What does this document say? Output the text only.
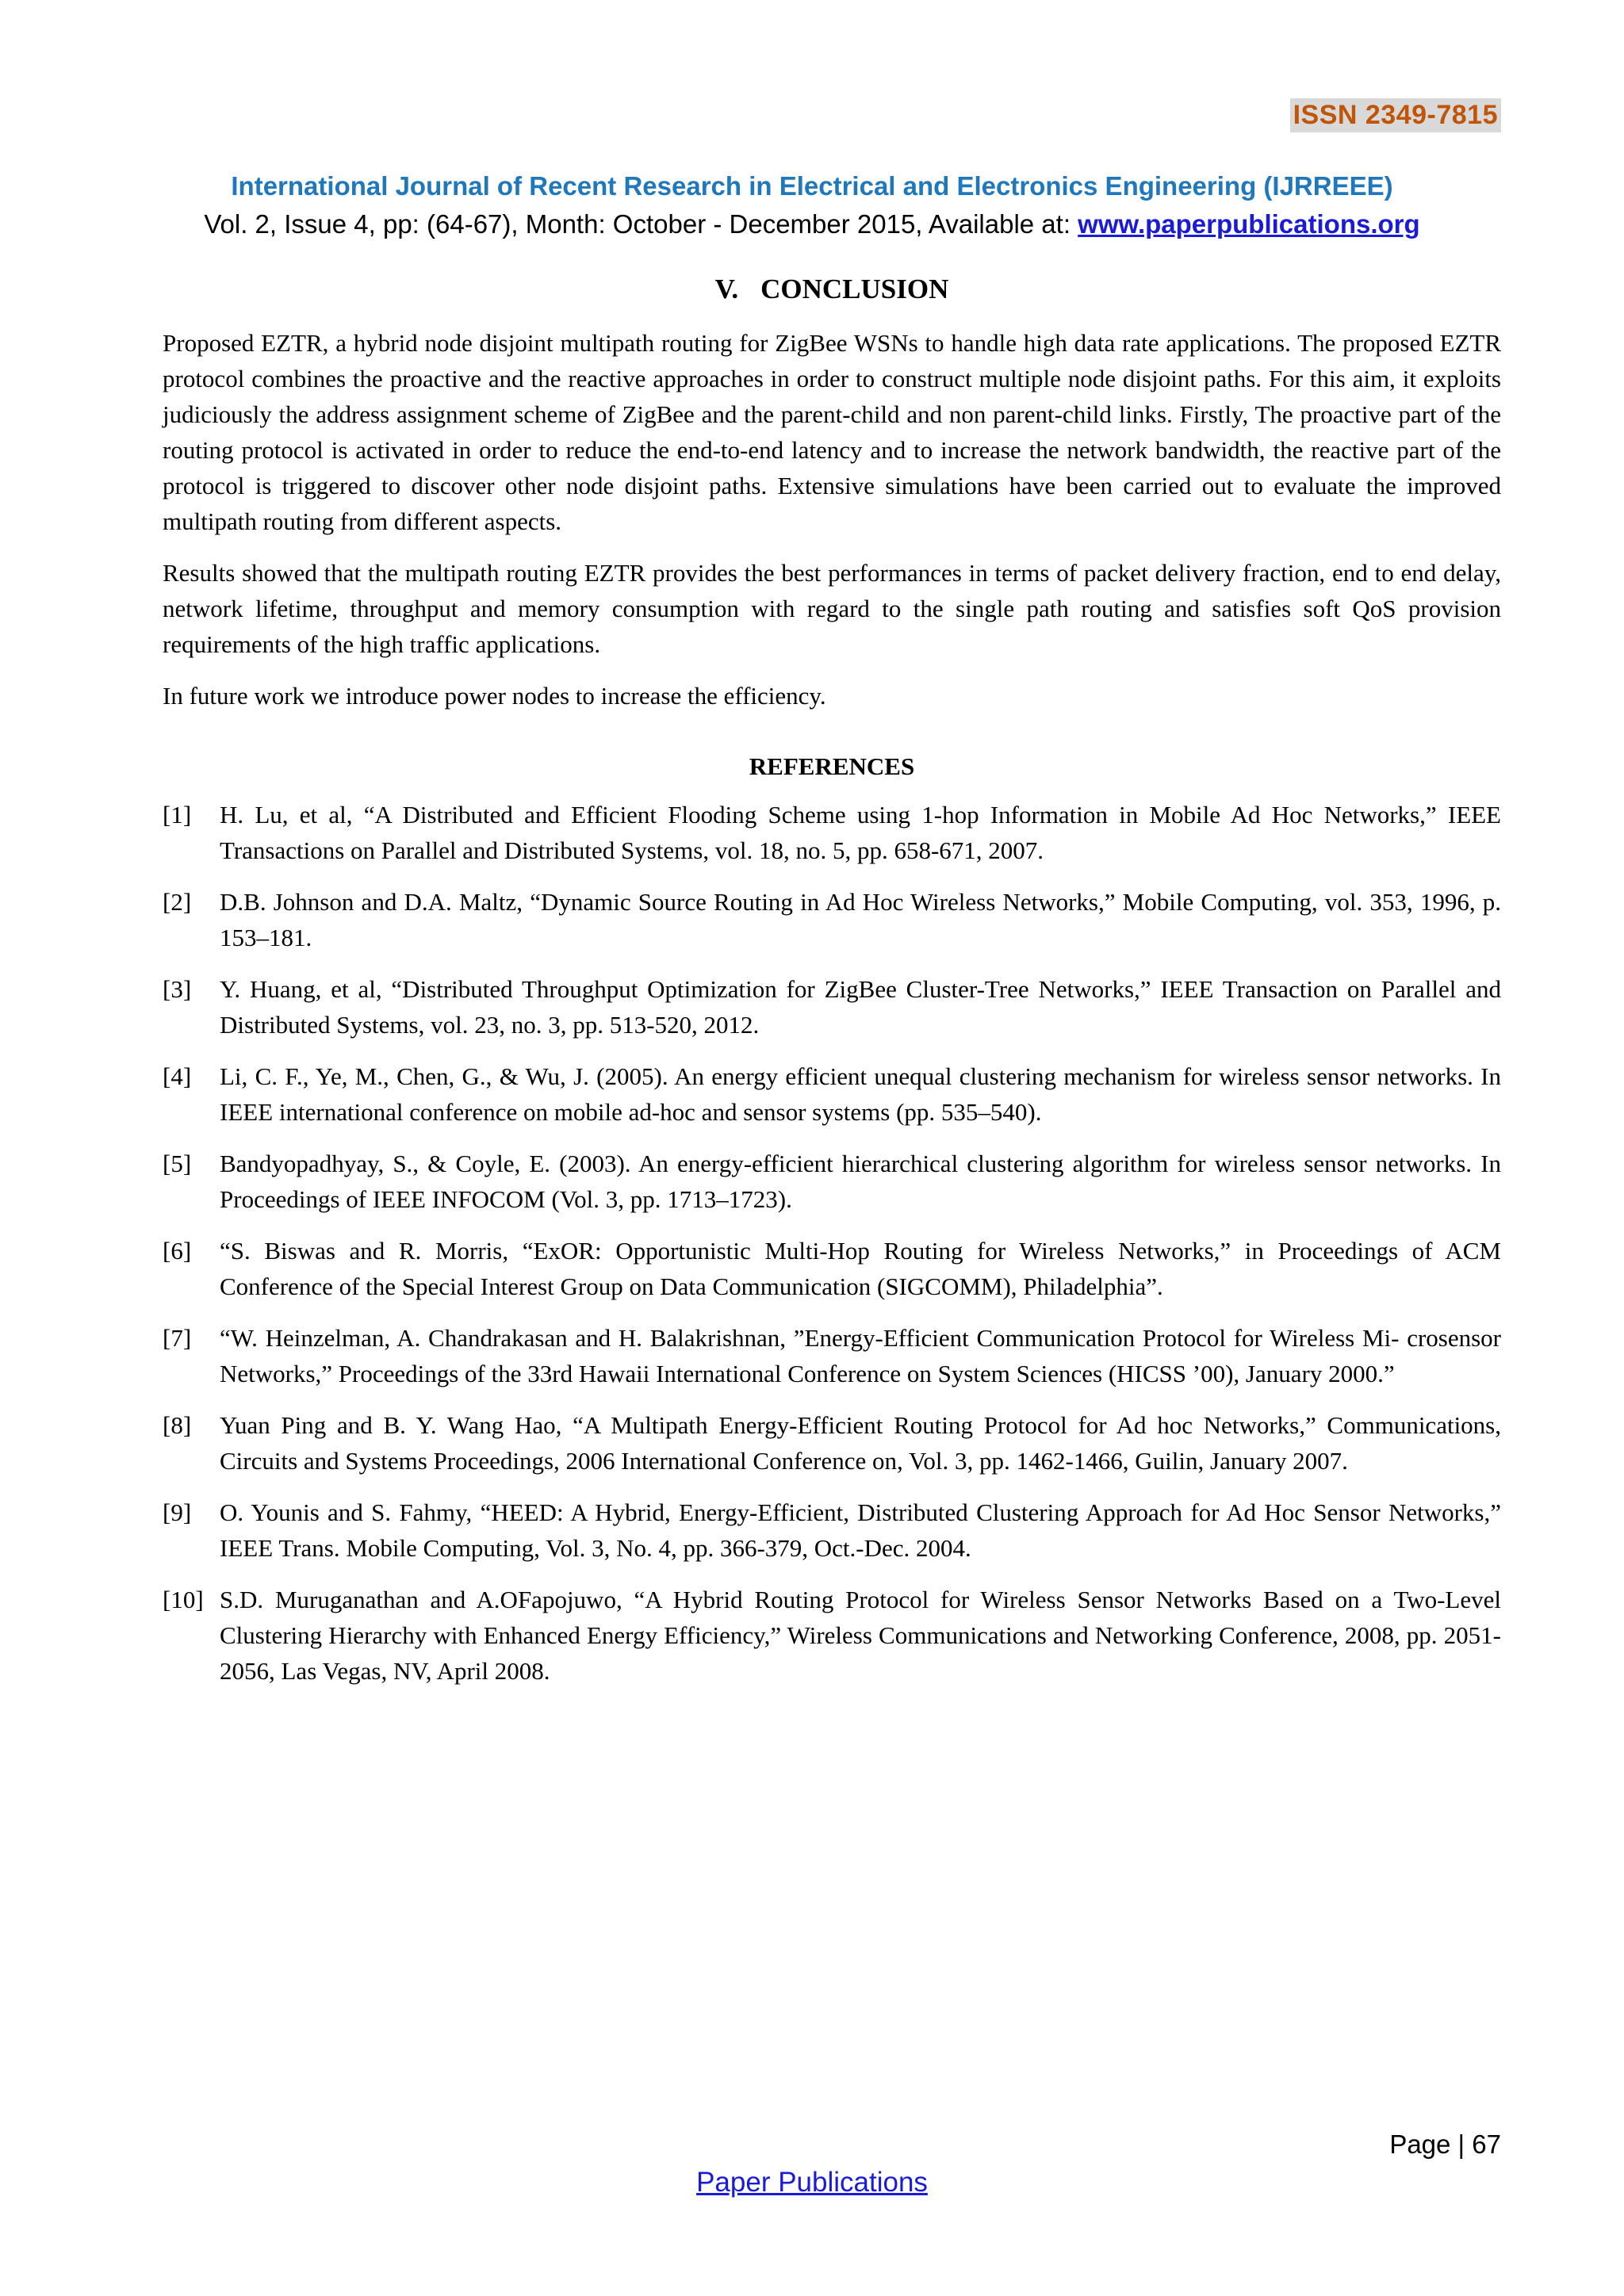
ISSN 2349-7815
International Journal of Recent Research in Electrical and Electronics Engineering (IJRREEE)
Vol. 2, Issue 4, pp: (64-67), Month: October - December 2015, Available at: www.paperpublications.org
V. CONCLUSION

Proposed EZTR, a hybrid node disjoint multipath routing for ZigBee WSNs to handle high data rate applications. The proposed EZTR protocol combines the proactive and the reactive approaches in order to construct multiple node disjoint paths. For this aim, it exploits judiciously the address assignment scheme of ZigBee and the parent-child and non parent-child links. Firstly, The proactive part of the routing protocol is activated in order to reduce the end-to-end latency and to increase the network bandwidth, the reactive part of the protocol is triggered to discover other node disjoint paths. Extensive simulations have been carried out to evaluate the improved multipath routing from different aspects.

Results showed that the multipath routing EZTR provides the best performances in terms of packet delivery fraction, end to end delay, network lifetime, throughput and memory consumption with regard to the single path routing and satisfies soft QoS provision requirements of the high traffic applications.

In future work we introduce power nodes to increase the efficiency.

REFERENCES
[1]	H. Lu, et al, “A Distributed and Efficient Flooding Scheme using 1-hop Information in Mobile Ad Hoc Networks,” IEEE Transactions on Parallel and Distributed Systems, vol. 18, no. 5, pp. 658-671, 2007.
[2]	D.B. Johnson and D.A. Maltz, “Dynamic Source Routing in Ad Hoc Wireless Networks,” Mobile Computing, vol. 353, 1996, p. 153–181.
[3]	Y. Huang, et al, “Distributed Throughput Optimization for ZigBee Cluster-Tree Networks,” IEEE Transaction on Parallel and Distributed Systems, vol. 23, no. 3, pp. 513-520, 2012.
[4]	Li, C. F., Ye, M., Chen, G., & Wu, J. (2005). An energy efficient unequal clustering mechanism for wireless sensor networks. In IEEE international conference on mobile ad-hoc and sensor systems (pp. 535–540).
[5]	Bandyopadhyay, S., & Coyle, E. (2003). An energy-efficient hierarchical clustering algorithm for wireless sensor networks. In Proceedings of IEEE INFOCOM (Vol. 3, pp. 1713–1723).
[6]	“S. Biswas and R. Morris, “ExOR: Opportunistic Multi-Hop Routing for Wireless Networks,” in Proceedings of ACM Conference of the Special Interest Group on Data Communication (SIGCOMM), Philadelphia”.
[7]	“W. Heinzelman, A. Chandrakasan and H. Balakrishnan, ”Energy-Efficient Communication Protocol for Wireless Mi- crosensor Networks,” Proceedings of the 33rd Hawaii International Conference on System Sciences (HICSS ’00), January 2000.”
[8]	Yuan Ping and B. Y. Wang Hao, “A Multipath Energy-Efficient Routing Protocol for Ad hoc Networks,” Communications, Circuits and Systems Proceedings, 2006 International Conference on, Vol. 3, pp. 1462-1466, Guilin, January 2007.
[9]	O. Younis and S. Fahmy, “HEED: A Hybrid, Energy-Efficient, Distributed Clustering Approach for Ad Hoc Sensor Networks,” IEEE Trans. Mobile Computing, Vol. 3, No. 4, pp. 366-379, Oct.-Dec. 2004.
[10] S.D. Muruganathan and A.OFapojuwo, “A Hybrid Routing Protocol for Wireless Sensor Networks Based on a Two-Level Clustering Hierarchy with Enhanced Energy Efficiency,” Wireless Communications and Networking Conference, 2008, pp. 2051- 2056, Las Vegas, NV, April 2008.
Page | 67
Paper Publications
